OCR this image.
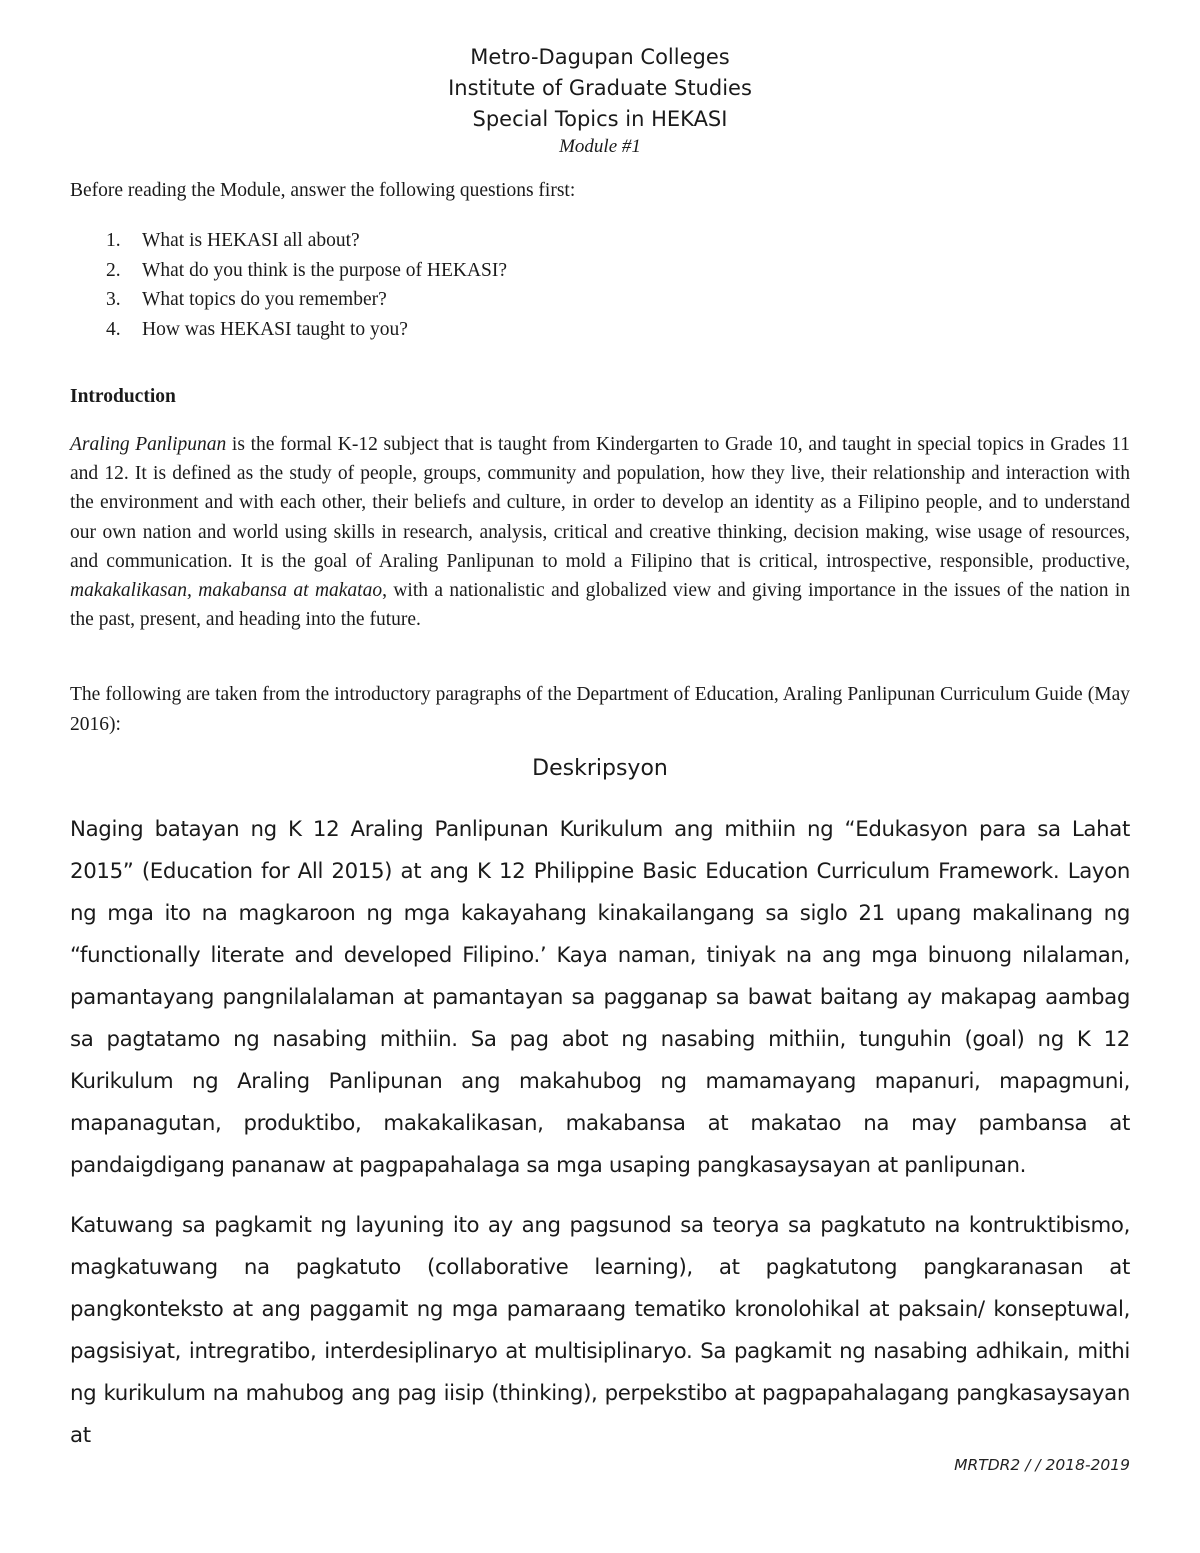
Metro-Dagupan Colleges
Institute of Graduate Studies
Special Topics in HEKASI
Module #1
Before reading the Module, answer the following questions first:
1. What is HEKASI all about?
2. What do you think is the purpose of HEKASI?
3. What topics do you remember?
4. How was HEKASI taught to you?
Introduction

Araling Panlipunan is the formal K-12 subject that is taught from Kindergarten to Grade 10, and taught in special topics in Grades 11 and 12. It is defined as the study of people, groups, community and population, how they live, their relationship and interaction with the environment and with each other, their beliefs and culture, in order to develop an identity as a Filipino people, and to understand our own nation and world using skills in research, analysis, critical and creative thinking, decision making, wise usage of resources, and communication. It is the goal of Araling Panlipunan to mold a Filipino that is critical, introspective, responsible, productive, makakalikasan, makabansa at makatao, with a nationalistic and globalized view and giving importance in the issues of the nation in the past, present, and heading into the future.

The following are taken from the introductory paragraphs of the Department of Education, Araling Panlipunan Curriculum Guide (May 2016):

Deskripsyon

Naging batayan ng K 12 Araling Panlipunan Kurikulum ang mithiin ng “Edukasyon para sa Lahat 2015” (Education for All 2015) at ang K 12 Philippine Basic Education Curriculum Framework. Layon ng mga ito na magkaroon ng mga kakayahang kinakailangang sa siglo 21 upang makalinang ng “functionally literate and developed Filipino.’ Kaya naman, tiniyak na ang mga binuong nilalaman, pamantayang pangnilalalaman at pamantayan sa pagganap sa bawat baitang ay makapag aambag sa pagtatamo ng nasabing mithiin. Sa pag abot ng nasabing mithiin, tunguhin (goal) ng K 12 Kurikulum ng Araling Panlipunan ang makahubog ng mamamayang mapanuri, mapagmuni, mapanagutan, produktibo, makakalikasan, makabansa at makatao na may pambansa at pandaigdigang pananaw at pagpapahalaga sa mga usaping pangkasaysayan at panlipunan.

Katuwang sa pagkamit ng layuning ito ay ang pagsunod sa teorya sa pagkatuto na kontruktibismo, magkatuwang na pagkatuto (collaborative learning), at pagkatutong pangkaranasan at pangkonteksto at ang paggamit ng mga pamaraang tematiko kronolohikal at paksain/ konseptuwal, pagsisiyat, intregratibo, interdesiplinaryo at multisiplinaryo. Sa pagkamit ng nasabing adhikain, mithi ng kurikulum na mahubog ang pag iisip (thinking), perpekstibo at pagpapahalagang pangkasaysayan at

MRTDR2 / / 2018-2019
